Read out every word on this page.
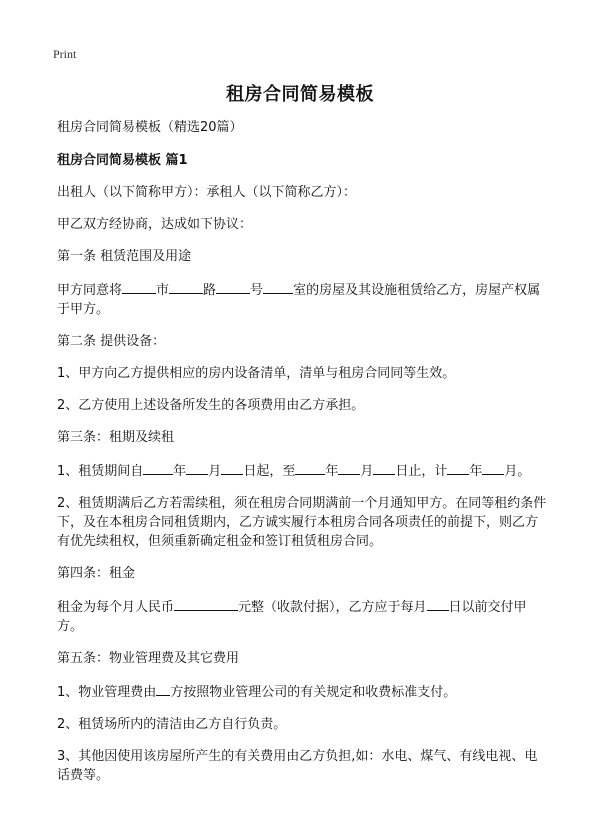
Print
租房合同简易模板

租房合同简易模板（精选20篇）

租房合同简易模板 篇1

出租人（以下简称甲方）：承租人（以下简称乙方）：

甲乙双方经协商，达成如下协议：

第一条 租赁范围及用途

甲方同意将	市	路	号 室的房屋及其设施租赁给乙方，房屋产权属于甲方。

第二条 提供设备：

1、甲方向乙方提供相应的房内设备清单，清单与租房合同同等生效。

2、乙方使用上述设备所发生的各项费用由乙方承担。

第三条：租期及续租

1、租赁期间自 年 月 日起，至 年 月 日止，计 年 月。

2、租赁期满后乙方若需续租，须在租房合同期满前一个月通知甲方。在同等租约条件下，及在本租房合同租赁期内，乙方诚实履行本租房合同各项责任的前提下，则乙方有优先续租权，但须重新确定租金和签订租赁租房合同。

第四条：租金

租金为每个月人民币	元整（收款付据），乙方应于每月 日以前交付甲方。

第五条：物业管理费及其它费用

1、物业管理费由 方按照物业管理公司的有关规定和收费标准支付。

2、租赁场所内的清洁由乙方自行负责。

3、其他因使用该房屋所产生的有关费用由乙方负担,如：水电、煤气、有线电视、电话费等。
